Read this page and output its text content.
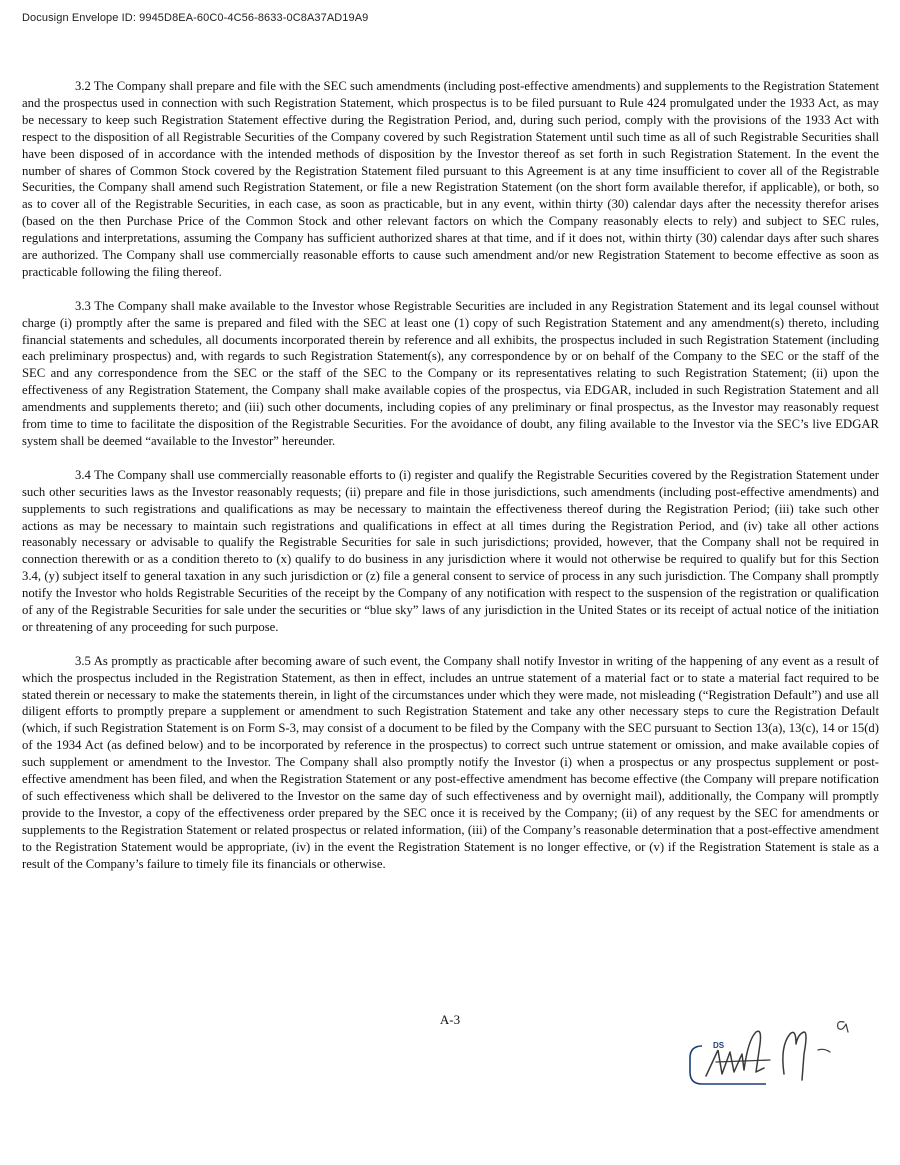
Docusign Envelope ID: 9945D8EA-60C0-4C56-8633-0C8A37AD19A9

3.2 The Company shall prepare and file with the SEC such amendments (including post-effective amendments) and supplements to the Registration Statement and the prospectus used in connection with such Registration Statement, which prospectus is to be filed pursuant to Rule 424 promulgated under the 1933 Act, as may be necessary to keep such Registration Statement effective during the Registration Period, and, during such period, comply with the provisions of the 1933 Act with respect to the disposition of all Registrable Securities of the Company covered by such Registration Statement until such time as all of such Registrable Securities shall have been disposed of in accordance with the intended methods of disposition by the Investor thereof as set forth in such Registration Statement. In the event the number of shares of Common Stock covered by the Registration Statement filed pursuant to this Agreement is at any time insufficient to cover all of the Registrable Securities, the Company shall amend such Registration Statement, or file a new Registration Statement (on the short form available therefor, if applicable), or both, so as to cover all of the Registrable Securities, in each case, as soon as practicable, but in any event, within thirty (30) calendar days after the necessity therefor arises (based on the then Purchase Price of the Common Stock and other relevant factors on which the Company reasonably elects to rely) and subject to SEC rules, regulations and interpretations, assuming the Company has sufficient authorized shares at that time, and if it does not, within thirty (30) calendar days after such shares are authorized. The Company shall use commercially reasonable efforts to cause such amendment and/or new Registration Statement to become effective as soon as practicable following the filing thereof.

3.3 The Company shall make available to the Investor whose Registrable Securities are included in any Registration Statement and its legal counsel without charge (i) promptly after the same is prepared and filed with the SEC at least one (1) copy of such Registration Statement and any amendment(s) thereto, including financial statements and schedules, all documents incorporated therein by reference and all exhibits, the prospectus included in such Registration Statement (including each preliminary prospectus) and, with regards to such Registration Statement(s), any correspondence by or on behalf of the Company to the SEC or the staff of the SEC and any correspondence from the SEC or the staff of the SEC to the Company or its representatives relating to such Registration Statement; (ii) upon the effectiveness of any Registration Statement, the Company shall make available copies of the prospectus, via EDGAR, included in such Registration Statement and all amendments and supplements thereto; and (iii) such other documents, including copies of any preliminary or final prospectus, as the Investor may reasonably request from time to time to facilitate the disposition of the Registrable Securities. For the avoidance of doubt, any filing available to the Investor via the SEC’s live EDGAR system shall be deemed “available to the Investor” hereunder.

3.4 The Company shall use commercially reasonable efforts to (i) register and qualify the Registrable Securities covered by the Registration Statement under such other securities laws as the Investor reasonably requests; (ii) prepare and file in those jurisdictions, such amendments (including post-effective amendments) and supplements to such registrations and qualifications as may be necessary to maintain the effectiveness thereof during the Registration Period; (iii) take such other actions as may be necessary to maintain such registrations and qualifications in effect at all times during the Registration Period, and (iv) take all other actions reasonably necessary or advisable to qualify the Registrable Securities for sale in such jurisdictions; provided, however, that the Company shall not be required in connection therewith or as a condition thereto to (x) qualify to do business in any jurisdiction where it would not otherwise be required to qualify but for this Section 3.4, (y) subject itself to general taxation in any such jurisdiction or (z) file a general consent to service of process in any such jurisdiction. The Company shall promptly notify the Investor who holds Registrable Securities of the receipt by the Company of any notification with respect to the suspension of the registration or qualification of any of the Registrable Securities for sale under the securities or “blue sky” laws of any jurisdiction in the United States or its receipt of actual notice of the initiation or threatening of any proceeding for such purpose.

3.5 As promptly as practicable after becoming aware of such event, the Company shall notify Investor in writing of the happening of any event as a result of which the prospectus included in the Registration Statement, as then in effect, includes an untrue statement of a material fact or to state a material fact required to be stated therein or necessary to make the statements therein, in light of the circumstances under which they were made, not misleading (“Registration Default”) and use all diligent efforts to promptly prepare a supplement or amendment to such Registration Statement and take any other necessary steps to cure the Registration Default (which, if such Registration Statement is on Form S-3, may consist of a document to be filed by the Company with the SEC pursuant to Section 13(a), 13(c), 14 or 15(d) of the 1934 Act (as defined below) and to be incorporated by reference in the prospectus) to correct such untrue statement or omission, and make available copies of such supplement or amendment to the Investor. The Company shall also promptly notify the Investor (i) when a prospectus or any prospectus supplement or post-effective amendment has been filed, and when the Registration Statement or any post-effective amendment has become effective (the Company will prepare notification of such effectiveness which shall be delivered to the Investor on the same day of such effectiveness and by overnight mail), additionally, the Company will promptly provide to the Investor, a copy of the effectiveness order prepared by the SEC once it is received by the Company; (ii) of any request by the SEC for amendments or supplements to the Registration Statement or related prospectus or related information, (iii) of the Company’s reasonable determination that a post-effective amendment to the Registration Statement would be appropriate, (iv) in the event the Registration Statement is no longer effective, or (v) if the Registration Statement is stale as a result of the Company’s failure to timely file its financials or otherwise.

A-3
DS
